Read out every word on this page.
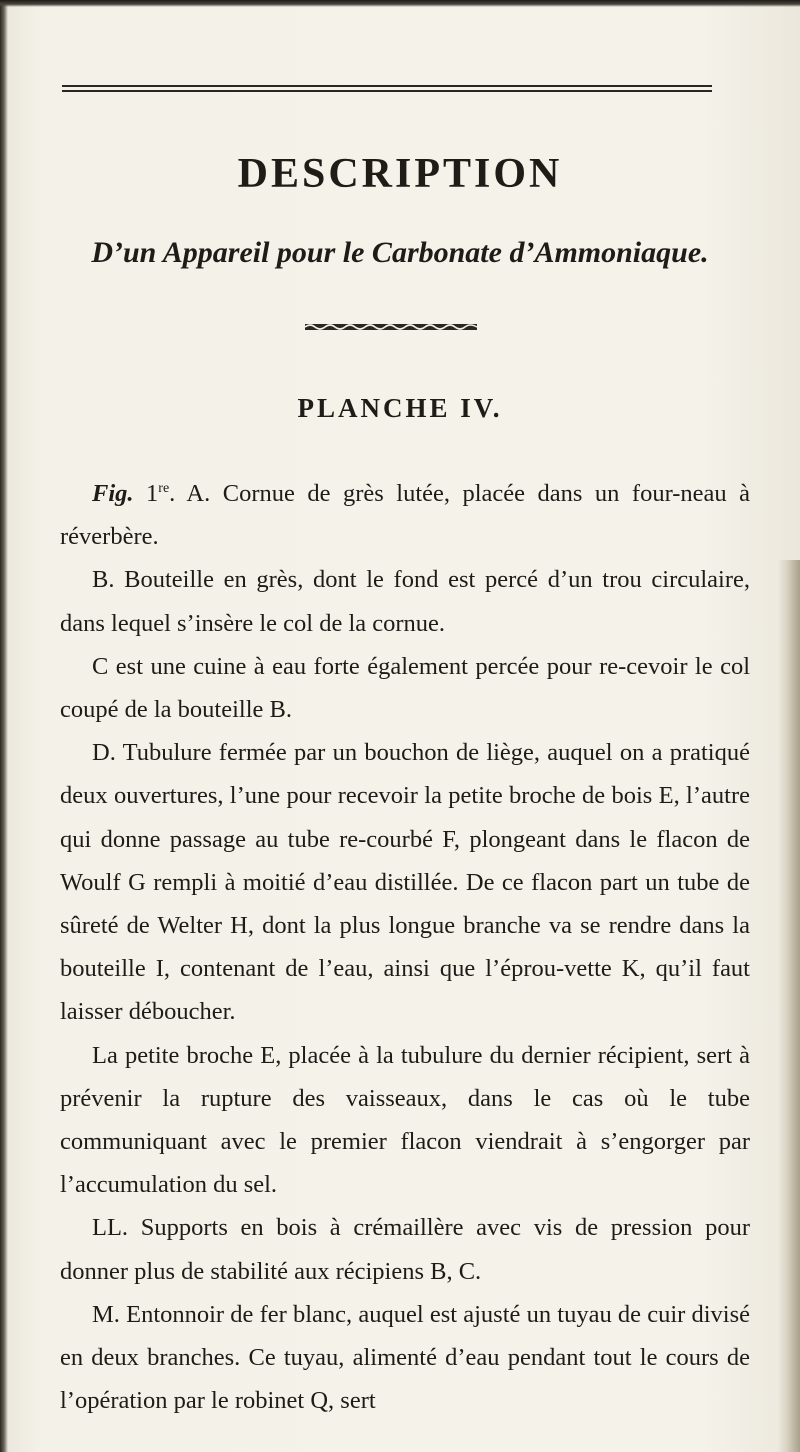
DESCRIPTION
D’un Appareil pour le Carbonate d’Ammoniaque.
PLANCHE IV.

Fig. 1re. A. Cornue de grès lutée, placée dans un four-neau à réverbère.

B. Bouteille en grès, dont le fond est percé d’un trou circulaire, dans lequel s’insère le col de la cornue.

C est une cuine à eau forte également percée pour re-cevoir le col coupé de la bouteille B.

D. Tubulure fermée par un bouchon de liège, auquel on a pratiqué deux ouvertures, l’une pour recevoir la petite broche de bois E, l’autre qui donne passage au tube re-courbé F, plongeant dans le flacon de Woulf G rempli à moitié d’eau distillée. De ce flacon part un tube de sûreté de Welter H, dont la plus longue branche va se rendre dans la bouteille I, contenant de l’eau, ainsi que l’éprou-vette K, qu’il faut laisser déboucher.

La petite broche E, placée à la tubulure du dernier récipient, sert à prévenir la rupture des vaisseaux, dans le cas où le tube communiquant avec le premier flacon viendrait à s’engorger par l’accumulation du sel.

LL. Supports en bois à crémaillère avec vis de pression pour donner plus de stabilité aux récipiens B, C.

M. Entonnoir de fer blanc, auquel est ajusté un tuyau de cuir divisé en deux branches. Ce tuyau, alimenté d’eau pendant tout le cours de l’opération par le robinet Q, sert
